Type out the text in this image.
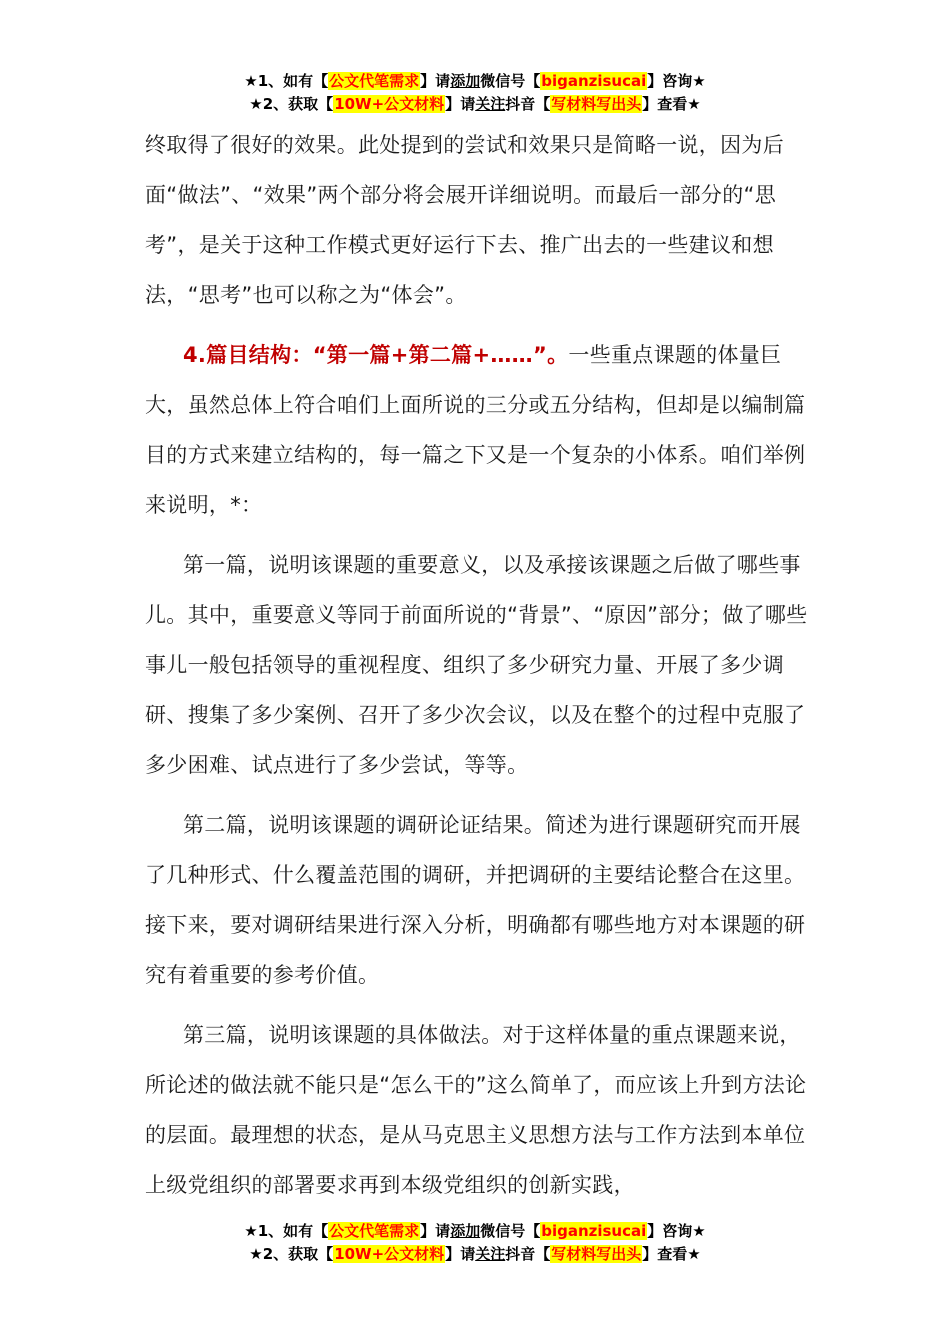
★1、如有【公文代笔需求】请添加微信号【biganzisucai】咨询★
★2、获取【10W+公文材料】请关注抖音【写材料写出头】查看★

终取得了很好的效果。此处提到的尝试和效果只是简略一说，因为后面“做法”、“效果”两个部分将会展开详细说明。而最后一部分的“思考”，是关于这种工作模式更好运行下去、推广出去的一些建议和想法，“思考”也可以称之为“体会”。

4.篇目结构：“第一篇+第二篇+……”。一些重点课题的体量巨大，虽然总体上符合咱们上面所说的三分或五分结构，但却是以编制篇目的方式来建立结构的，每一篇之下又是一个复杂的小体系。咱们举例来说明，*：

第一篇，说明该课题的重要意义，以及承接该课题之后做了哪些事儿。其中，重要意义等同于前面所说的“背景”、“原因”部分；做了哪些事儿一般包括领导的重视程度、组织了多少研究力量、开展了多少调研、搜集了多少案例、召开了多少次会议，以及在整个的过程中克服了多少困难、试点进行了多少尝试，等等。

第二篇，说明该课题的调研论证结果。简述为进行课题研究而开展了几种形式、什么覆盖范围的调研，并把调研的主要结论整合在这里。接下来，要对调研结果进行深入分析，明确都有哪些地方对本课题的研究有着重要的参考价值。

第三篇，说明该课题的具体做法。对于这样体量的重点课题来说，所论述的做法就不能只是“怎么干的”这么简单了，而应该上升到方法论的层面。最理想的状态，是从马克思主义思想方法与工作方法到本单位上级党组织的部署要求再到本级党组织的创新实践，

★1、如有【公文代笔需求】请添加微信号【biganzisucai】咨询★
★2、获取【10W+公文材料】请关注抖音【写材料写出头】查看★
